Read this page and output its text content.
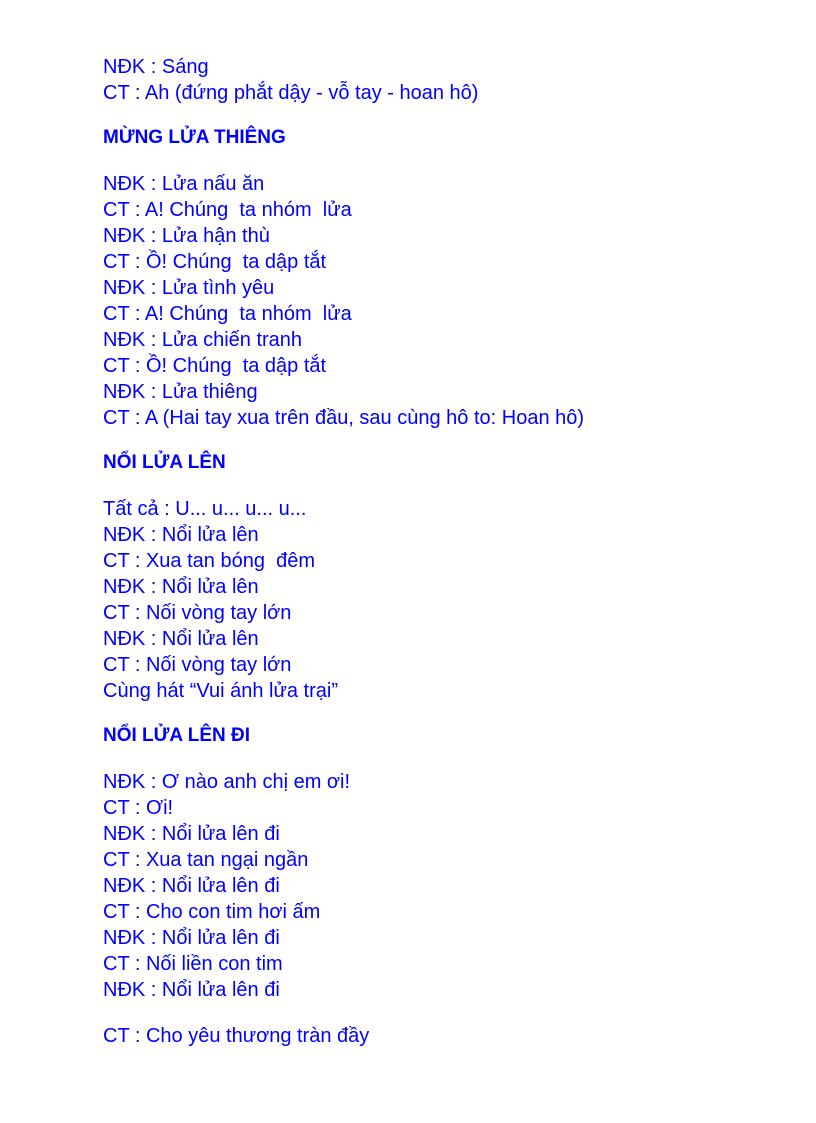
NĐK : Sáng
CT : Ah (đứng phắt dậy - vỗ tay - hoan hô)
MỪNG LỬA THIÊNG
NĐK : Lửa nấu ăn
CT : A! Chúng  ta nhóm  lửa
NĐK : Lửa hận thù
CT : Ồ! Chúng  ta dập tắt
NĐK : Lửa tình yêu
CT : A! Chúng  ta nhóm  lửa
NĐK : Lửa chiến tranh
CT : Ồ! Chúng  ta dập tắt
NĐK : Lửa thiêng
CT : A (Hai tay xua trên đầu, sau cùng hô to: Hoan hô)
NỔI LỬA LÊN
Tất cả : U... u... u... u...
NĐK : Nổi lửa lên
CT : Xua tan bóng  đêm
NĐK : Nổi lửa lên
CT : Nối vòng tay lớn
NĐK : Nổi lửa lên
CT : Nối vòng tay lớn
Cùng hát “Vui ánh lửa trại”
NỔI LỬA LÊN ĐI
NĐK : Ơ nào anh chị em ơi!
CT : Ơi!
NĐK : Nổi lửa lên đi
CT : Xua tan ngại ngần
NĐK : Nổi lửa lên đi
CT : Cho con tim hơi ấm
NĐK : Nổi lửa lên đi
CT : Nối liền con tim
NĐK : Nổi lửa lên đi
CT : Cho yêu thương tràn đầy
